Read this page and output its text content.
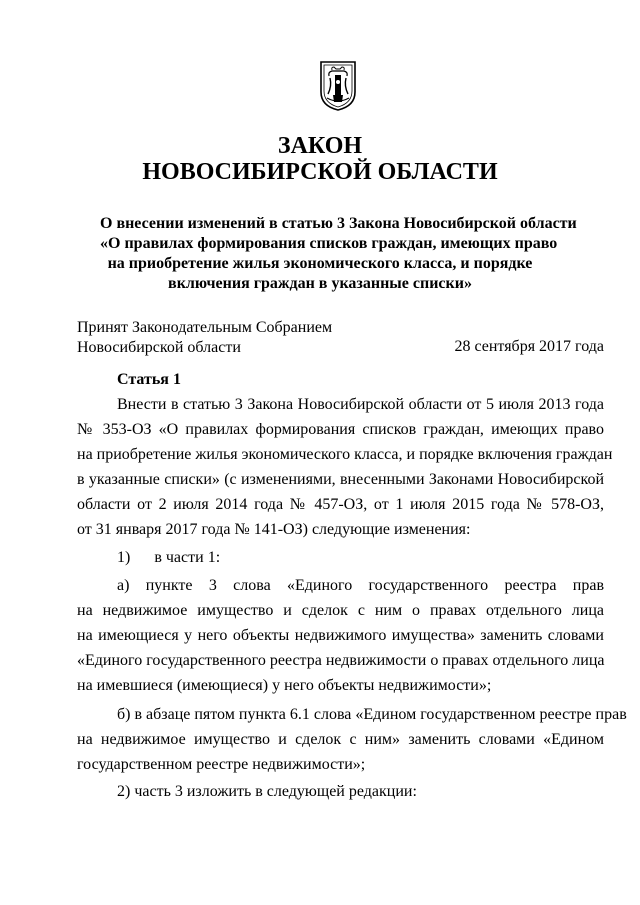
ЗАКОН
НОВОСИБИРСКОЙ ОБЛАСТИ
О внесении изменений в статью 3 Закона Новосибирской области
«О правилах формирования списков граждан, имеющих право
на приобретение жилья экономического класса, и порядке
включения граждан в указанные списки»
Принят Законодательным Собранием
Новосибирской области	28 сентября 2017 года
Статья 1
Внести в статью 3 Закона Новосибирской области от 5 июля 2013 года
№ 353-ОЗ «О правилах формирования списков граждан, имеющих право
на приобретение жилья экономического класса, и порядке включения граждан
в указанные списки» (с изменениями, внесенными Законами Новосибирской
области от 2 июля 2014 года № 457-ОЗ, от 1 июля 2015 года № 578-ОЗ,
от 31 января 2017 года № 141-ОЗ) следующие изменения:
1)      в части 1:
а) пункте 3 слова «Единого государственного реестра прав
на недвижимое имущество и сделок с ним о правах отдельного лица
на имеющиеся у него объекты недвижимого имущества» заменить словами
«Единого государственного реестра недвижимости о правах отдельного лица
на имевшиеся (имеющиеся) у него объекты недвижимости»;
б) в абзаце пятом пункта 6.1 слова «Едином государственном реестре прав
на недвижимое имущество и сделок с ним» заменить словами «Едином
государственном реестре недвижимости»;
2) часть 3 изложить в следующей редакции:
